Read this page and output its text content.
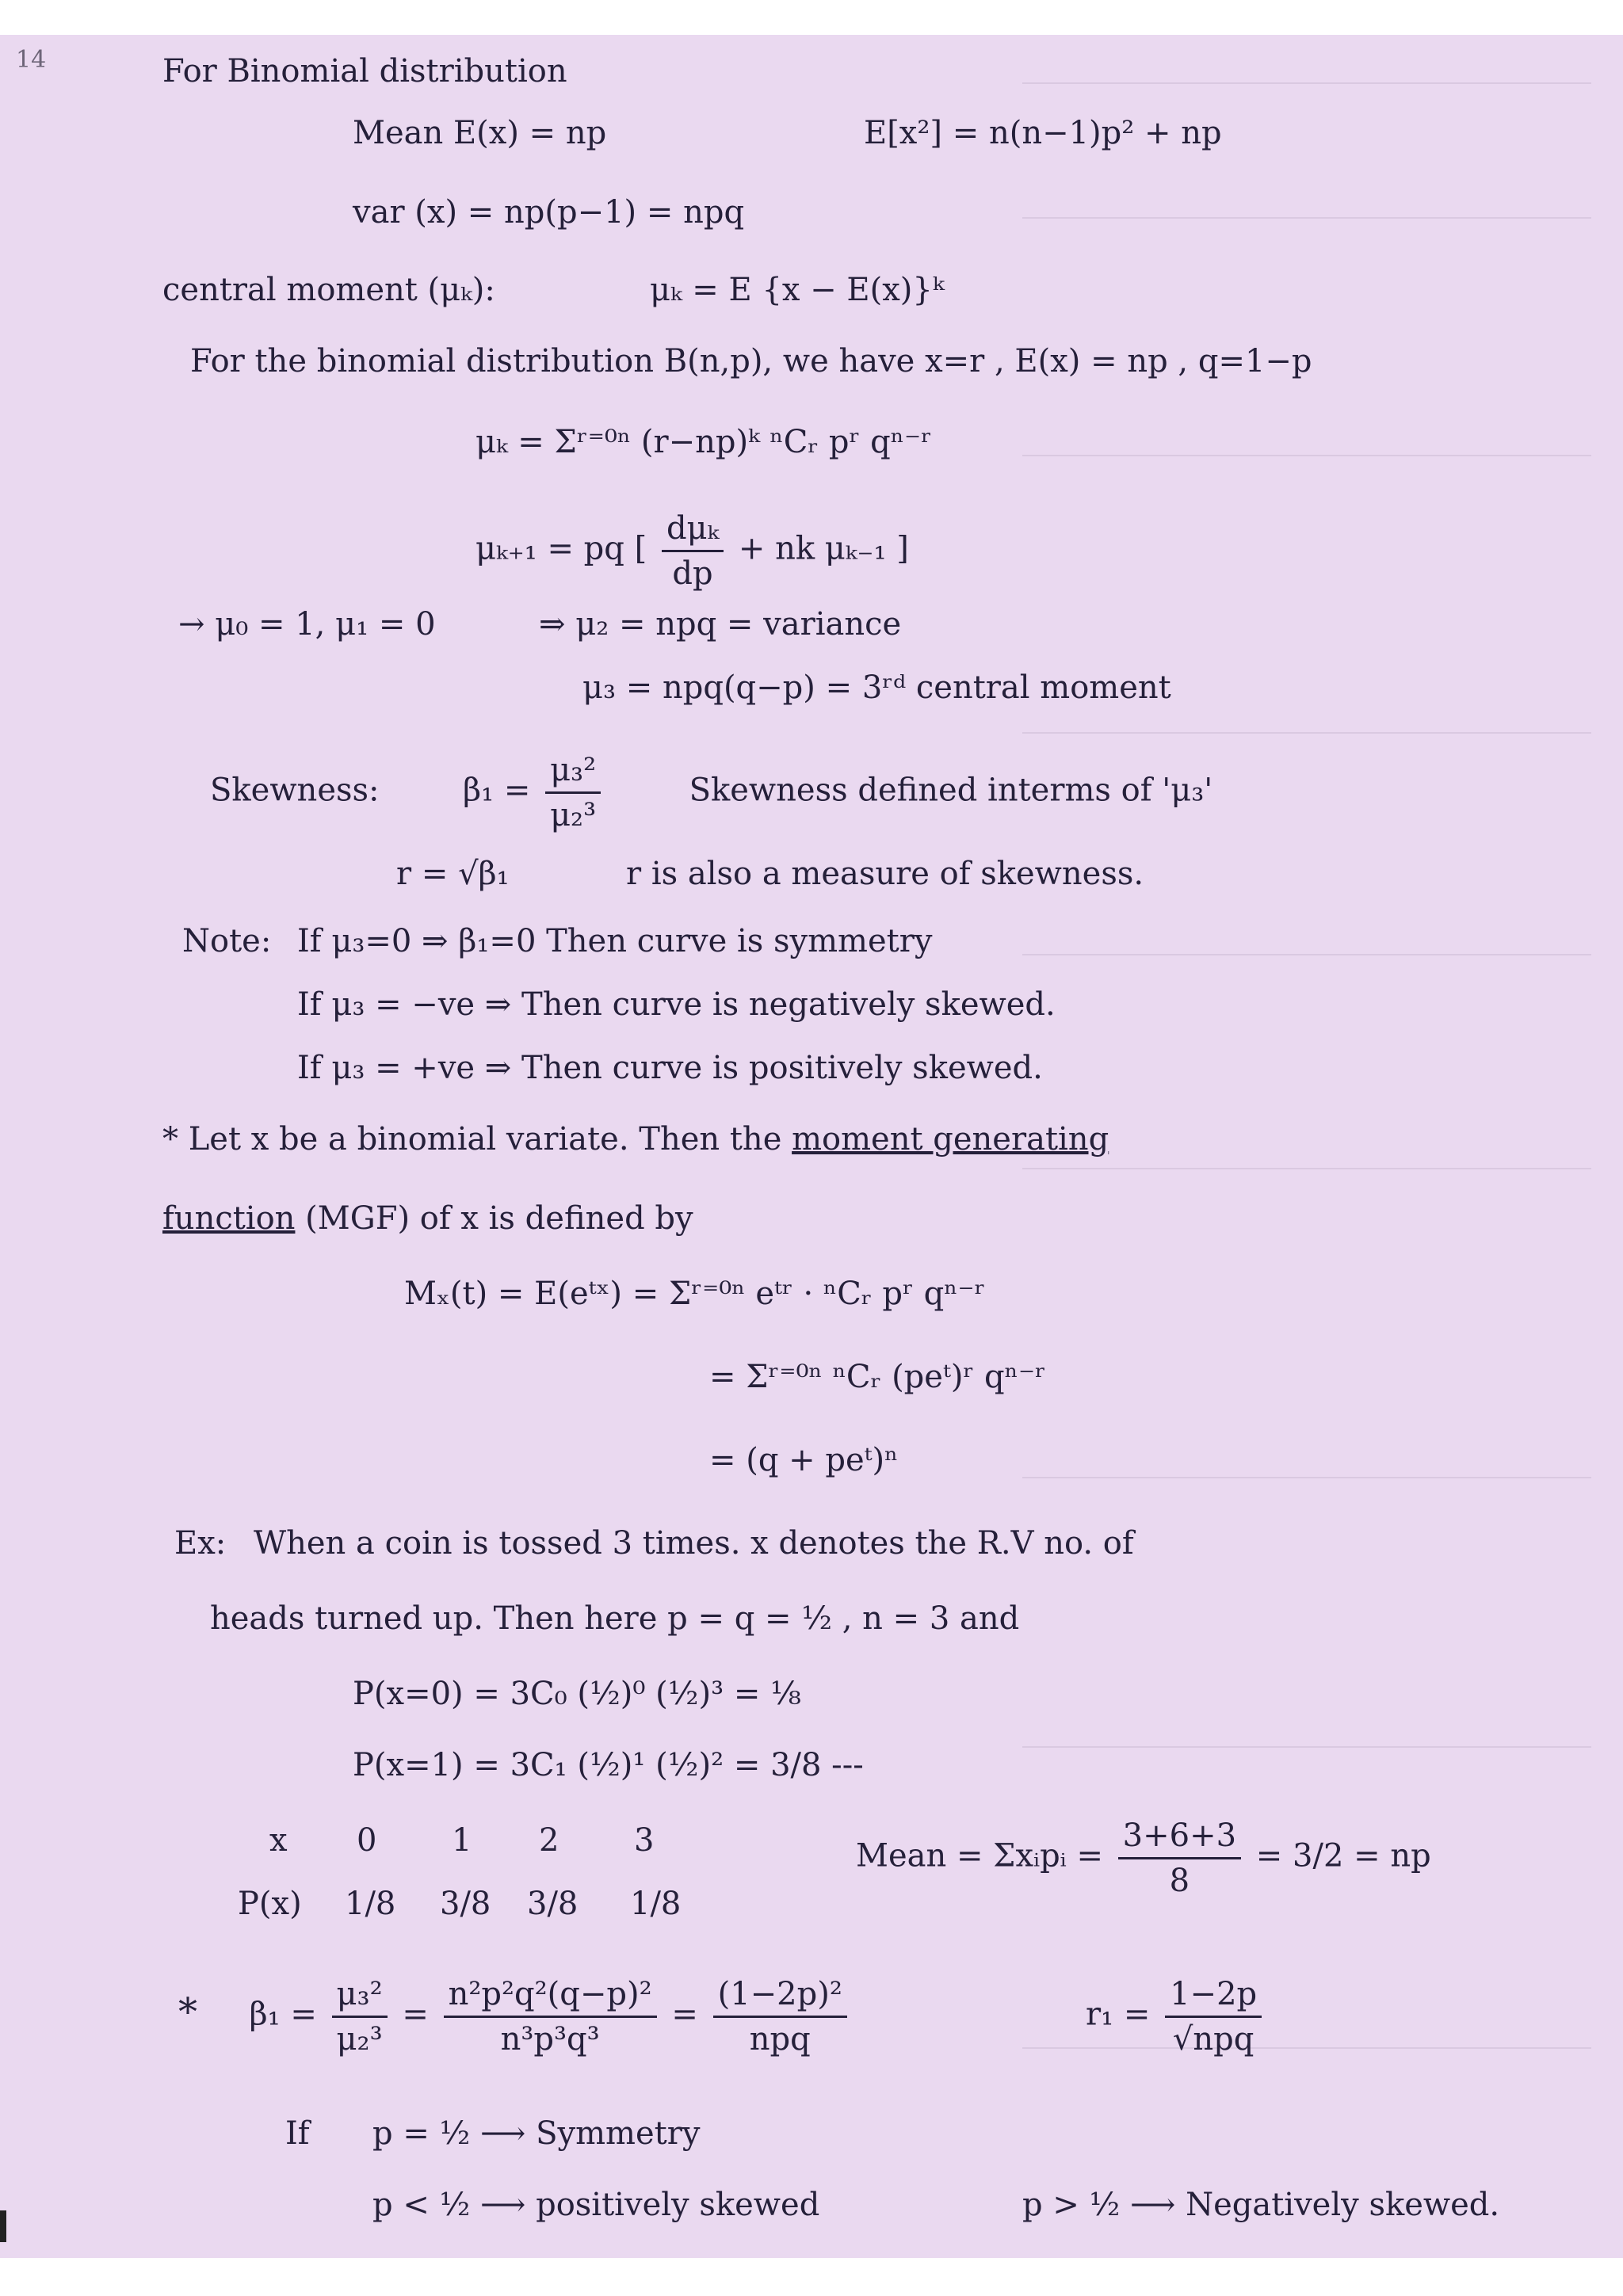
14	For Binomial distribution
Mean E(x) = np	E[x²] = n(n−1)p² + np
var (x) = np(p−1) = npq
central moment (μₖ):	μₖ = E {x − E(x)}ᵏ
For the binomial distribution B(n,p), we have x=r , E(x) = np , q=1−p
μₖ = Σʳ⁼⁰ⁿ (r−np)ᵏ ⁿCᵣ pʳ qⁿ⁻ʳ
μₖ₊₁ = pq [ $\frac{\text{dμₖ}}{dp}$ + nk μₖ₋₁ ]
→ μ₀ = 1, μ₁ = 0	⇒ μ₂ = npq = variance
μ₃ = npq(q−p) = 3ʳᵈ central moment
Skewness:	$\beta_1 = \frac{\text{μ₃²}}{\text{μ₂³}}$	Skewness defined interms of 'μ₃'
r = √β₁	r is also a measure of skewness.
Note: If μ₃=0 ⇒ β₁=0 Then curve is symmetry
If μ₃ = −ve ⇒ Then curve is negatively skewed.
If μ₃ = +ve ⇒ Then curve is positively skewed.
* Let x be a binomial variate. Then the moment generating
function (MGF) of x is defined by
Mₓ(t) = E(eᵗˣ) = Σʳ⁼⁰ⁿ eᵗʳ · ⁿCᵣ pʳ qⁿ⁻ʳ
= Σʳ⁼⁰ⁿ ⁿCᵣ (peᵗ)ʳ qⁿ⁻ʳ
= (q + peᵗ)ⁿ
Ex: When a coin is tossed 3 times. x denotes the R.V no. of
heads turned up. Then here p = q = ½ , n = 3 and
P(x=0) = 3C₀ (½)⁰ (½)³ = ⅛
P(x=1) = 3C₁ (½)¹ (½)² = 3/8 ---
x 0 1 2 3
P(x) 1/8 3/8 3/8 1/8
Mean = Σxᵢpᵢ = $\frac{3+6+3}{8} = 3/2$ = np
* $\beta_1 = \frac{\text{μ₃²}}{\text{μ₂³}} = \frac{\text{n²p²q²(q−p)²}}{\text{n³p³q³}} = \frac{\text{(1−2p)²}}{\text{npq}}$	$r_1 = \frac{1-2p}{\text{√npq}}$
If p = ½ ⟶ Symmetry
p < ½ ⟶ positively skewed	p > ½ ⟶ Negatively skewed.
